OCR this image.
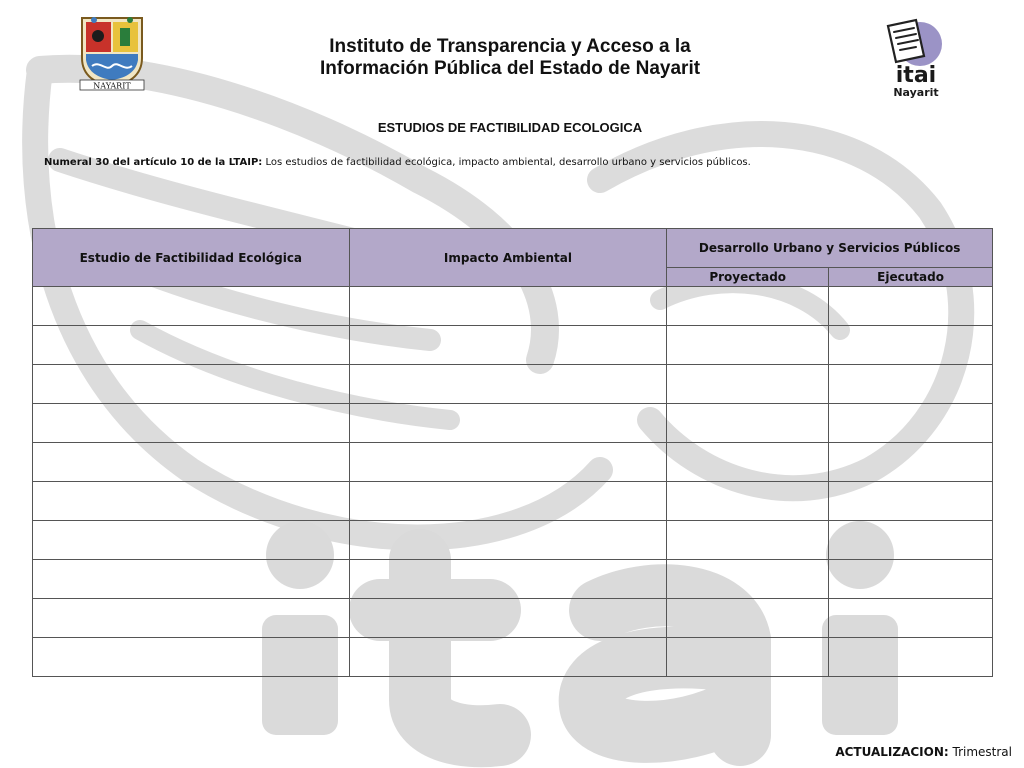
NAYARIT
Instituto de Transparencia y Acceso a la
Información Pública del Estado de Nayarit	itai
Nayarit
ESTUDIOS DE FACTIBILIDAD ECOLOGICA
Numeral 30 del artículo 10 de la LTAIP: Los estudios de factibilidad ecológica, impacto ambiental, desarrollo urbano y servicios públicos.
Estudio de Factibilidad Ecológica	Impacto Ambiental	Desarrollo Urbano y Servicios Públicos	
		Proyectado	Ejecutado

ACTUALIZACION: Trimestral
